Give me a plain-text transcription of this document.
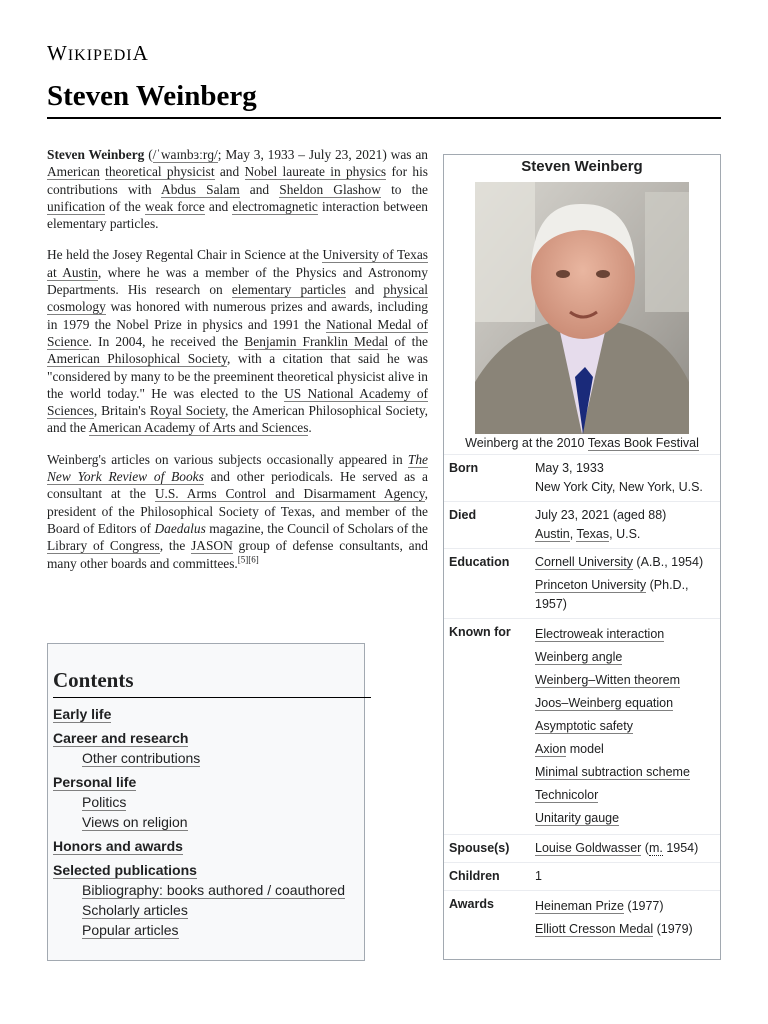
WIKIPEDIA
Steven Weinberg

Steven Weinberg (/ˈwaɪnbɜːrɡ/; May 3, 1933 – July 23, 2021) was an American theoretical physicist and Nobel laureate in physics for his contributions with Abdus Salam and Sheldon Glashow to the unification of the weak force and electromagnetic interaction between elementary particles.

He held the Josey Regental Chair in Science at the University of Texas at Austin, where he was a member of the Physics and Astronomy Departments. His research on elementary particles and physical cosmology was honored with numerous prizes and awards, including in 1979 the Nobel Prize in physics and 1991 the National Medal of Science. In 2004, he received the Benjamin Franklin Medal of the American Philosophical Society, with a citation that said he was "considered by many to be the preeminent theoretical physicist alive in the world today." He was elected to the US National Academy of Sciences, Britain's Royal Society, the American Philosophical Society, and the American Academy of Arts and Sciences.

Weinberg's articles on various subjects occasionally appeared in The New York Review of Books and other periodicals. He served as a consultant at the U.S. Arms Control and Disarmament Agency, president of the Philosophical Society of Texas, and member of the Board of Editors of Daedalus magazine, the Council of Scholars of the Library of Congress, the JASON group of defense consultants, and many other boards and committees.[5][6]

Contents
Early life
Career and research
Other contributions
Personal life
Politics
Views on religion
Honors and awards
Selected publications
Bibliography: books authored / coauthored
Scholarly articles
Popular articles
Steven Weinberg
Weinberg at the 2010 Texas Book Festival
Born	May 3, 1933
New York City, New York, U.S.
Died	July 23, 2021 (aged 88)
Austin, Texas, U.S.
Education	Cornell University (A.B., 1954)
Princeton University (Ph.D., 1957)
Known for	Electroweak interaction
Weinberg angle
Weinberg–Witten theorem
Joos–Weinberg equation
Asymptotic safety
Axion model
Minimal subtraction scheme
Technicolor
Unitarity gauge
Spouse(s)	Louise Goldwasser (m. 1954)
Children	1
Awards	Heineman Prize (1977)
Elliott Cresson Medal (1979)
